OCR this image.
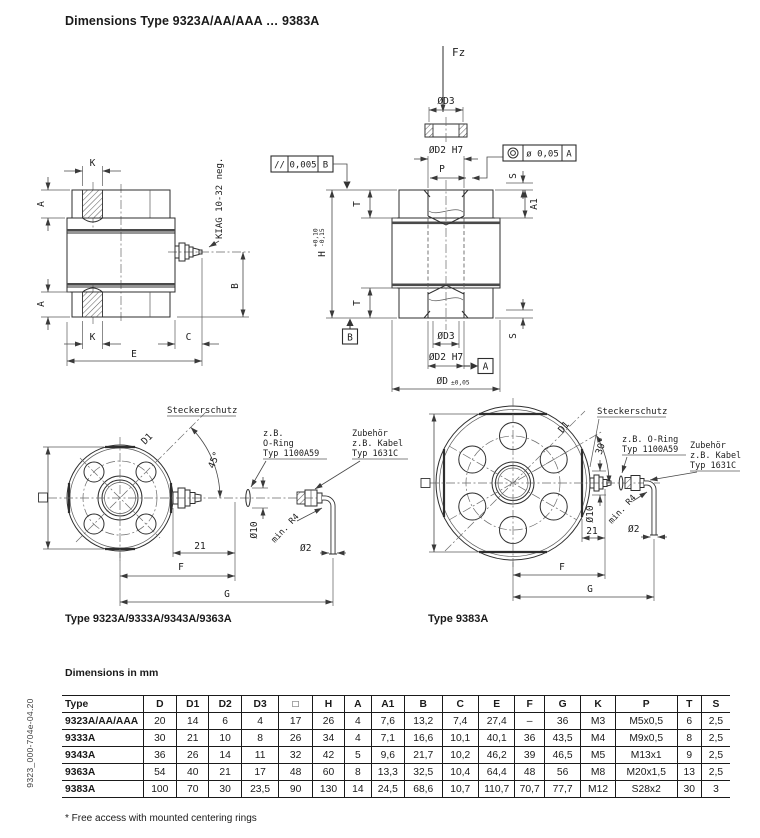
Dimensions Type 9323A/AA/AAA … 9383A
9323_000-704e-04.20
KIAG 10-32 neg.
K
A
A
K	C
E
B
Fz
ØD3
ØD2 H7
P
ø 0,05 A
// 0,005 B
T
H
+0,10 -0,15
T
B
S
A1
S
ØD3
ØD2 H7
A
ØD ±0,05
D1
Steckerschutz
45°
z.B.
O-Ring
Typ 1100A59
Zubehör
z.B. Kabel
Typ 1631C
Ø10 min. R4
Ø2
21
F
G
D1
30°
Steckerschutz
z.B. O-Ring
Typ 1100A59 Zubehör
z.B. Kabel
Typ 1631C
Ø10
21
min. R4
Ø2
F
G
Type 9323A/9333A/9343A/9363A	Type 9383A
Dimensions in mm
Type	D	D1	D2	D3	□	H	A	A1	B	C	E	F	G	K	P	T	S
9323A/AA/AAA	20	14	6	4	17	26	4	7,6	13,2	7,4	27,4	–	36	M3	M5x0,5	6	2,5
9333A	30	21	10	8	26	34	4	7,1	16,6	10,1	40,1	36	43,5	M4	M9x0,5	8	2,5
9343A	36	26	14	11	32	42	5	9,6	21,7	10,2	46,2	39	46,5	M5	M13x1	9	2,5
9363A	54	40	21	17	48	60	8	13,3	32,5	10,4	64,4	48	56	M8	M20x1,5	13	2,5
9383A	100	70	30	23,5	90	130	14	24,5	68,6	10,7	110,7	70,7	77,7	M12	S28x2	30	3
* Free access with mounted centering rings
